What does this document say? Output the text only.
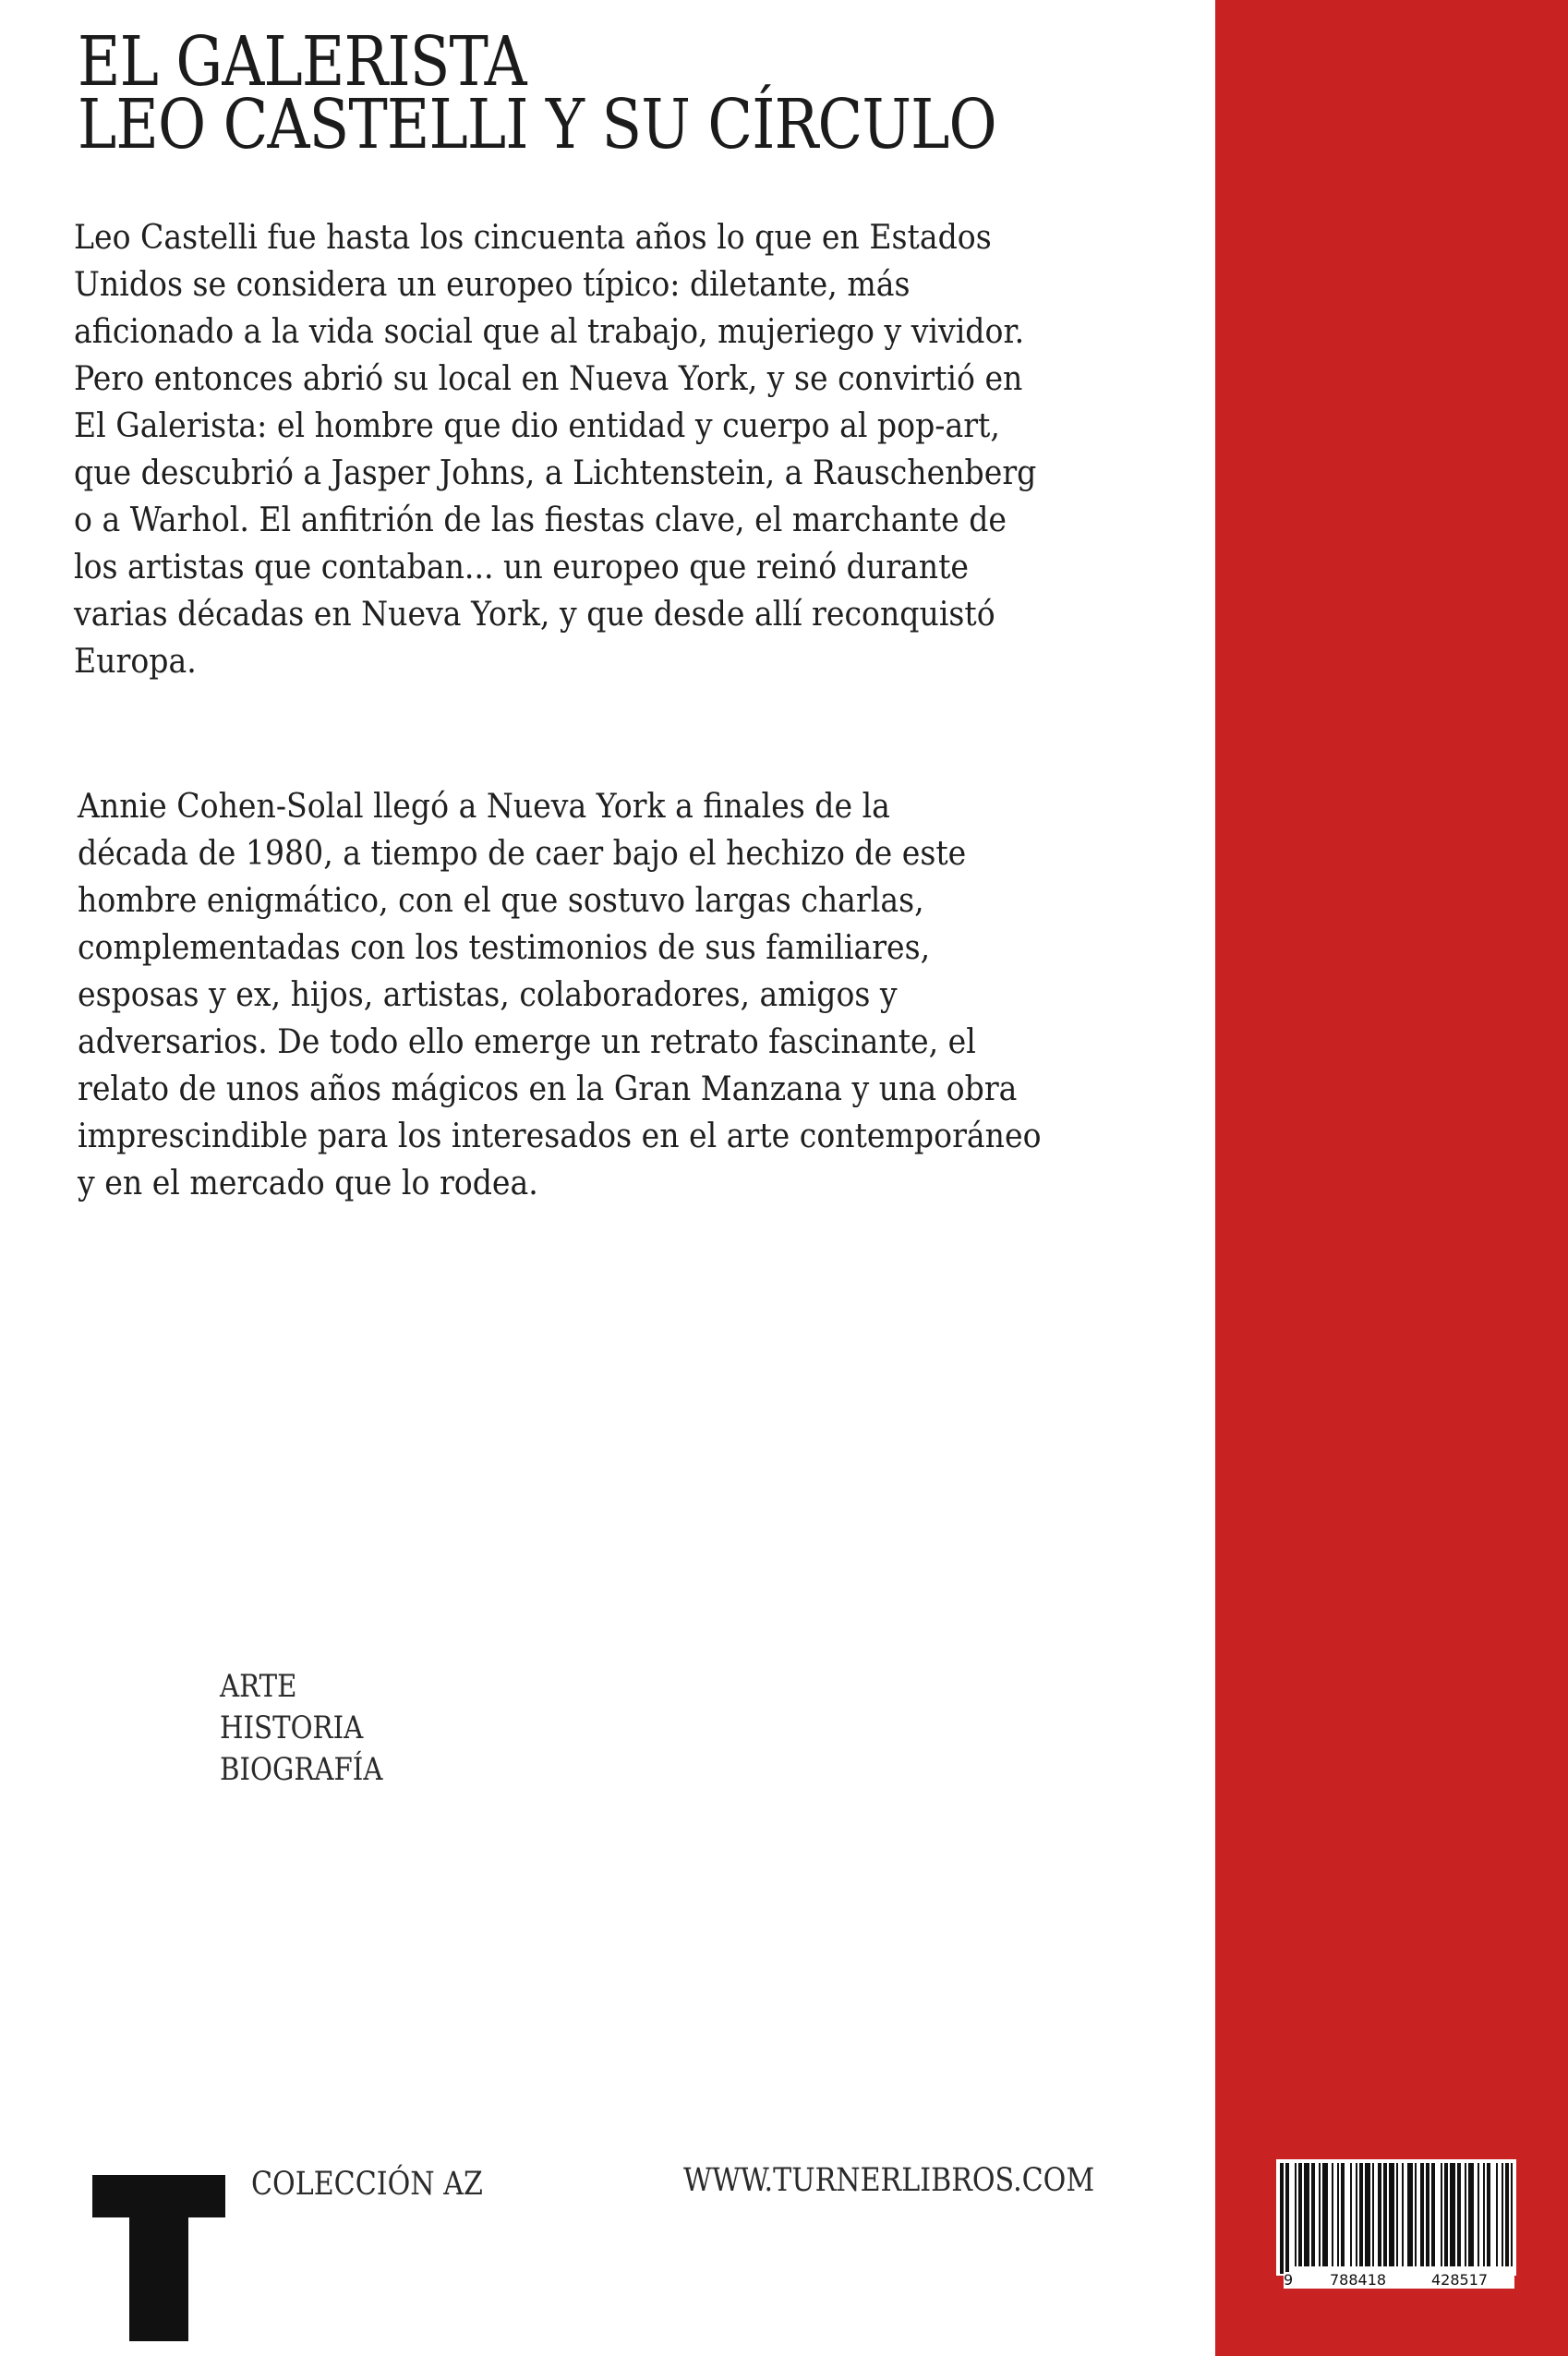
EL GALERISTA
LEO CASTELLI Y SU CÍRCULO
Leo Castelli fue hasta los cincuenta años lo que en Estados
Unidos se considera un europeo típico: diletante, más
aficionado a la vida social que al trabajo, mujeriego y vividor.
Pero entonces abrió su local en Nueva York, y se convirtió en
El Galerista: el hombre que dio entidad y cuerpo al pop-art,
que descubrió a Jasper Johns, a Lichtenstein, a Rauschenberg
o a Warhol. El anfitrión de las fiestas clave, el marchante de
los artistas que contaban... un europeo que reinó durante
varias décadas en Nueva York, y que desde allí reconquistó
Europa.
Annie Cohen-Solal llegó a Nueva York a finales de la
década de 1980, a tiempo de caer bajo el hechizo de este
hombre enigmático, con el que sostuvo largas charlas,
complementadas con los testimonios de sus familiares,
esposas y ex, hijos, artistas, colaboradores, amigos y
adversarios. De todo ello emerge un retrato fascinante, el
relato de unos años mágicos en la Gran Manzana y una obra
imprescindible para los interesados en el arte contemporáneo
y en el mercado que lo rodea.
ARTE
HISTORIA
BIOGRAFÍA
COLECCIÓN AZ	WWW.TURNERLIBROS.COM
9 788418	428517
